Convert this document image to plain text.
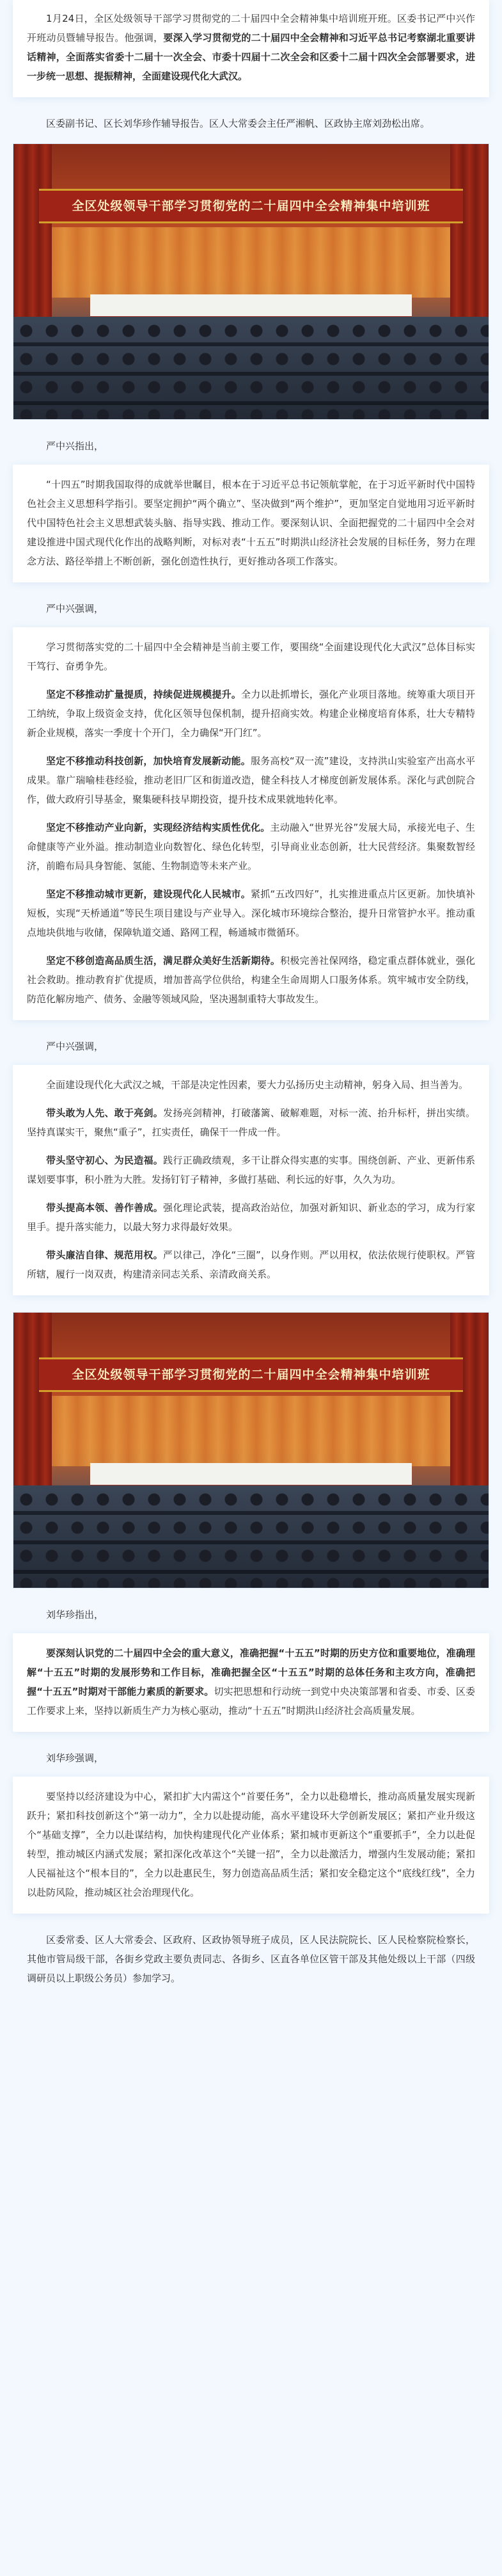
1月24日，全区处级领导干部学习贯彻党的二十届四中全会精神集中培训班开班。区委书记严中兴作开班动员暨辅导报告。他强调，要深入学习贯彻党的二十届四中全会精神和习近平总书记考察湖北重要讲话精神，全面落实省委十二届十一次全会、市委十四届十二次全会和区委十二届十四次全会部署要求，进一步统一思想、提振精神，全面建设现代化大武汉。

区委副书记、区长刘华珍作辅导报告。区人大常委会主任严湘帆、区政协主席刘劲松出席。

全区处级领导干部学习贯彻党的二十届四中全会精神集中培训班

严中兴指出，

“十四五”时期我国取得的成就举世瞩目，根本在于习近平总书记领航掌舵，在于习近平新时代中国特色社会主义思想科学指引。要坚定拥护“两个确立”、坚决做到“两个维护”，更加坚定自觉地用习近平新时代中国特色社会主义思想武装头脑、指导实践、推动工作。要深刻认识、全面把握党的二十届四中全会对建设推进中国式现代化作出的战略判断，对标对表“十五五”时期洪山经济社会发展的目标任务，努力在理念方法、路径举措上不断创新，强化创造性执行，更好推动各项工作落实。

严中兴强调，

学习贯彻落实党的二十届四中全会精神是当前主要工作，要围绕“全面建设现代化大武汉”总体目标实干笃行、奋勇争先。

坚定不移推动扩量提质，持续促进规模提升。全力以赴抓增长，强化产业项目落地。统筹重大项目开工纳统，争取上级资金支持，优化区领导包保机制，提升招商实效。构建企业梯度培育体系，壮大专精特新企业规模，落实一季度十个开门，全力确保“开门红”。

坚定不移推动科技创新，加快培育发展新动能。服务高校“双一流”建设，支持洪山实验室产出高水平成果。靠广瑞喻桂巷经验，推动老旧厂区和街道改造，健全科技人才梯度创新发展体系。深化与武创院合作，做大政府引导基金，聚集硬科技早期投资，提升技术成果就地转化率。

坚定不移推动产业向新，实现经济结构实质性优化。主动融入“世界光谷”发展大局，承接光电子、生命健康等产业外溢。推动制造业向数智化、绿色化转型，引导商业业态创新，壮大民营经济。集聚数智经济，前瞻布局具身智能、氢能、生物制造等未来产业。

坚定不移推动城市更新，建设现代化人民城市。紧抓“五改四好”，扎实推进重点片区更新。加快填补短板，实现“天桥通道”等民生项目建设与产业导入。深化城市环境综合整治，提升日常管护水平。推动重点地块供地与收储，保障轨道交通、路网工程，畅通城市微循环。

坚定不移创造高品质生活，满足群众美好生活新期待。积极完善社保网络，稳定重点群体就业，强化社会救助。推动教育扩优提质，增加普高学位供给，构建全生命周期人口服务体系。筑牢城市安全防线，防范化解房地产、债务、金融等领域风险，坚决遏制重特大事故发生。

严中兴强调，

全面建设现代化大武汉之城，干部是决定性因素，要大力弘扬历史主动精神，躬身入局、担当善为。

带头敢为人先、敢于亮剑。发扬亮剑精神，打破藩篱、破解难题，对标一流、抬升标杆，拼出实绩。坚持真谋实干，聚焦“重子”，扛实责任，确保干一件成一件。

带头坚守初心、为民造福。践行正确政绩观，多干让群众得实惠的实事。围绕创新、产业、更新伟系谋划要事事，积小胜为大胜。发扬钉钉子精神，多做打基础、利长远的好事，久久为功。

带头提高本领、善作善成。强化理论武装，提高政治站位，加强对新知识、新业态的学习，成为行家里手。提升落实能力，以最大努力求得最好效果。

带头廉洁自律、规范用权。严以律己，净化“三圈”，以身作则。严以用权，依法依规行使职权。严管所辖，履行一岗双责，构建清亲同志关系、亲清政商关系。

全区处级领导干部学习贯彻党的二十届四中全会精神集中培训班

刘华珍指出，

要深刻认识党的二十届四中全会的重大意义，准确把握“十五五”时期的历史方位和重要地位，准确理解“十五五”时期的发展形势和工作目标，准确把握全区“十五五”时期的总体任务和主攻方向，准确把握“十五五”时期对干部能力素质的新要求。切实把思想和行动统一到党中央决策部署和省委、市委、区委工作要求上来，坚持以新质生产力为核心驱动，推动“十五五”时期洪山经济社会高质量发展。

刘华珍强调，

要坚持以经济建设为中心，紧扣扩大内需这个“首要任务”，全力以赴稳增长，推动高质量发展实现新跃升；紧扣科技创新这个“第一动力”，全力以赴提动能，高水平建设环大学创新发展区；紧扣产业升级这个“基础支撑”，全力以赴谋结构，加快构建现代化产业体系；紧扣城市更新这个“重要抓手”，全力以赴促转型，推动城区内涵式发展；紧扣深化改革这个“关键一招”，全力以赴激活力，增强内生发展动能；紧扣人民福祉这个“根本目的”，全力以赴惠民生，努力创造高品质生活；紧扣安全稳定这个“底线红线”，全力以赴防风险，推动城区社会治理现代化。

区委常委、区人大常委会、区政府、区政协领导班子成员，区人民法院院长、区人民检察院检察长，其他市管局级干部，各街乡党政主要负责同志、各街乡、区直各单位区管干部及其他处级以上干部（四级调研员以上职级公务员）参加学习。
